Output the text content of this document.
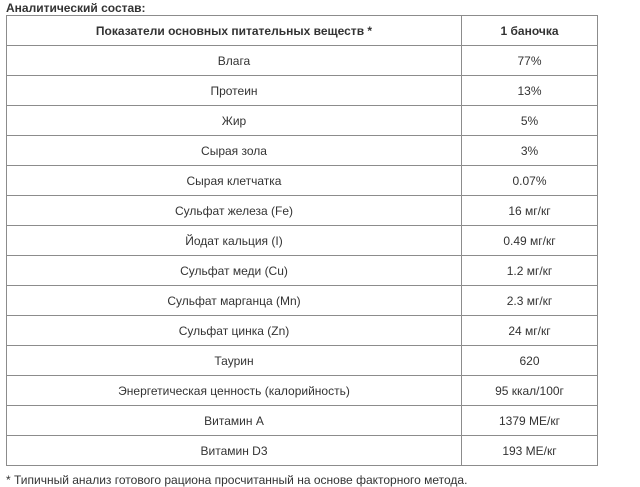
Аналитический состав:
Показатели основных питательных веществ *	1 баночка
Влага	77%
Протеин	13%
Жир	5%
Сырая зола	3%
Сырая клетчатка	0.07%
Сульфат железа (Fe)	16 мг/кг
Йодат кальция (I)	0.49 мг/кг
Сульфат меди (Cu)	1.2 мг/кг
Сульфат марганца (Mn)	2.3 мг/кг
Сульфат цинка (Zn)	24 мг/кг
Таурин	620
Энергетическая ценность (калорийность)	95 ккал/100г
Витамин А	1379 МЕ/кг
Витамин D3	193 МЕ/кг
* Типичный анализ готового рациона просчитанный на основе факторного метода.
